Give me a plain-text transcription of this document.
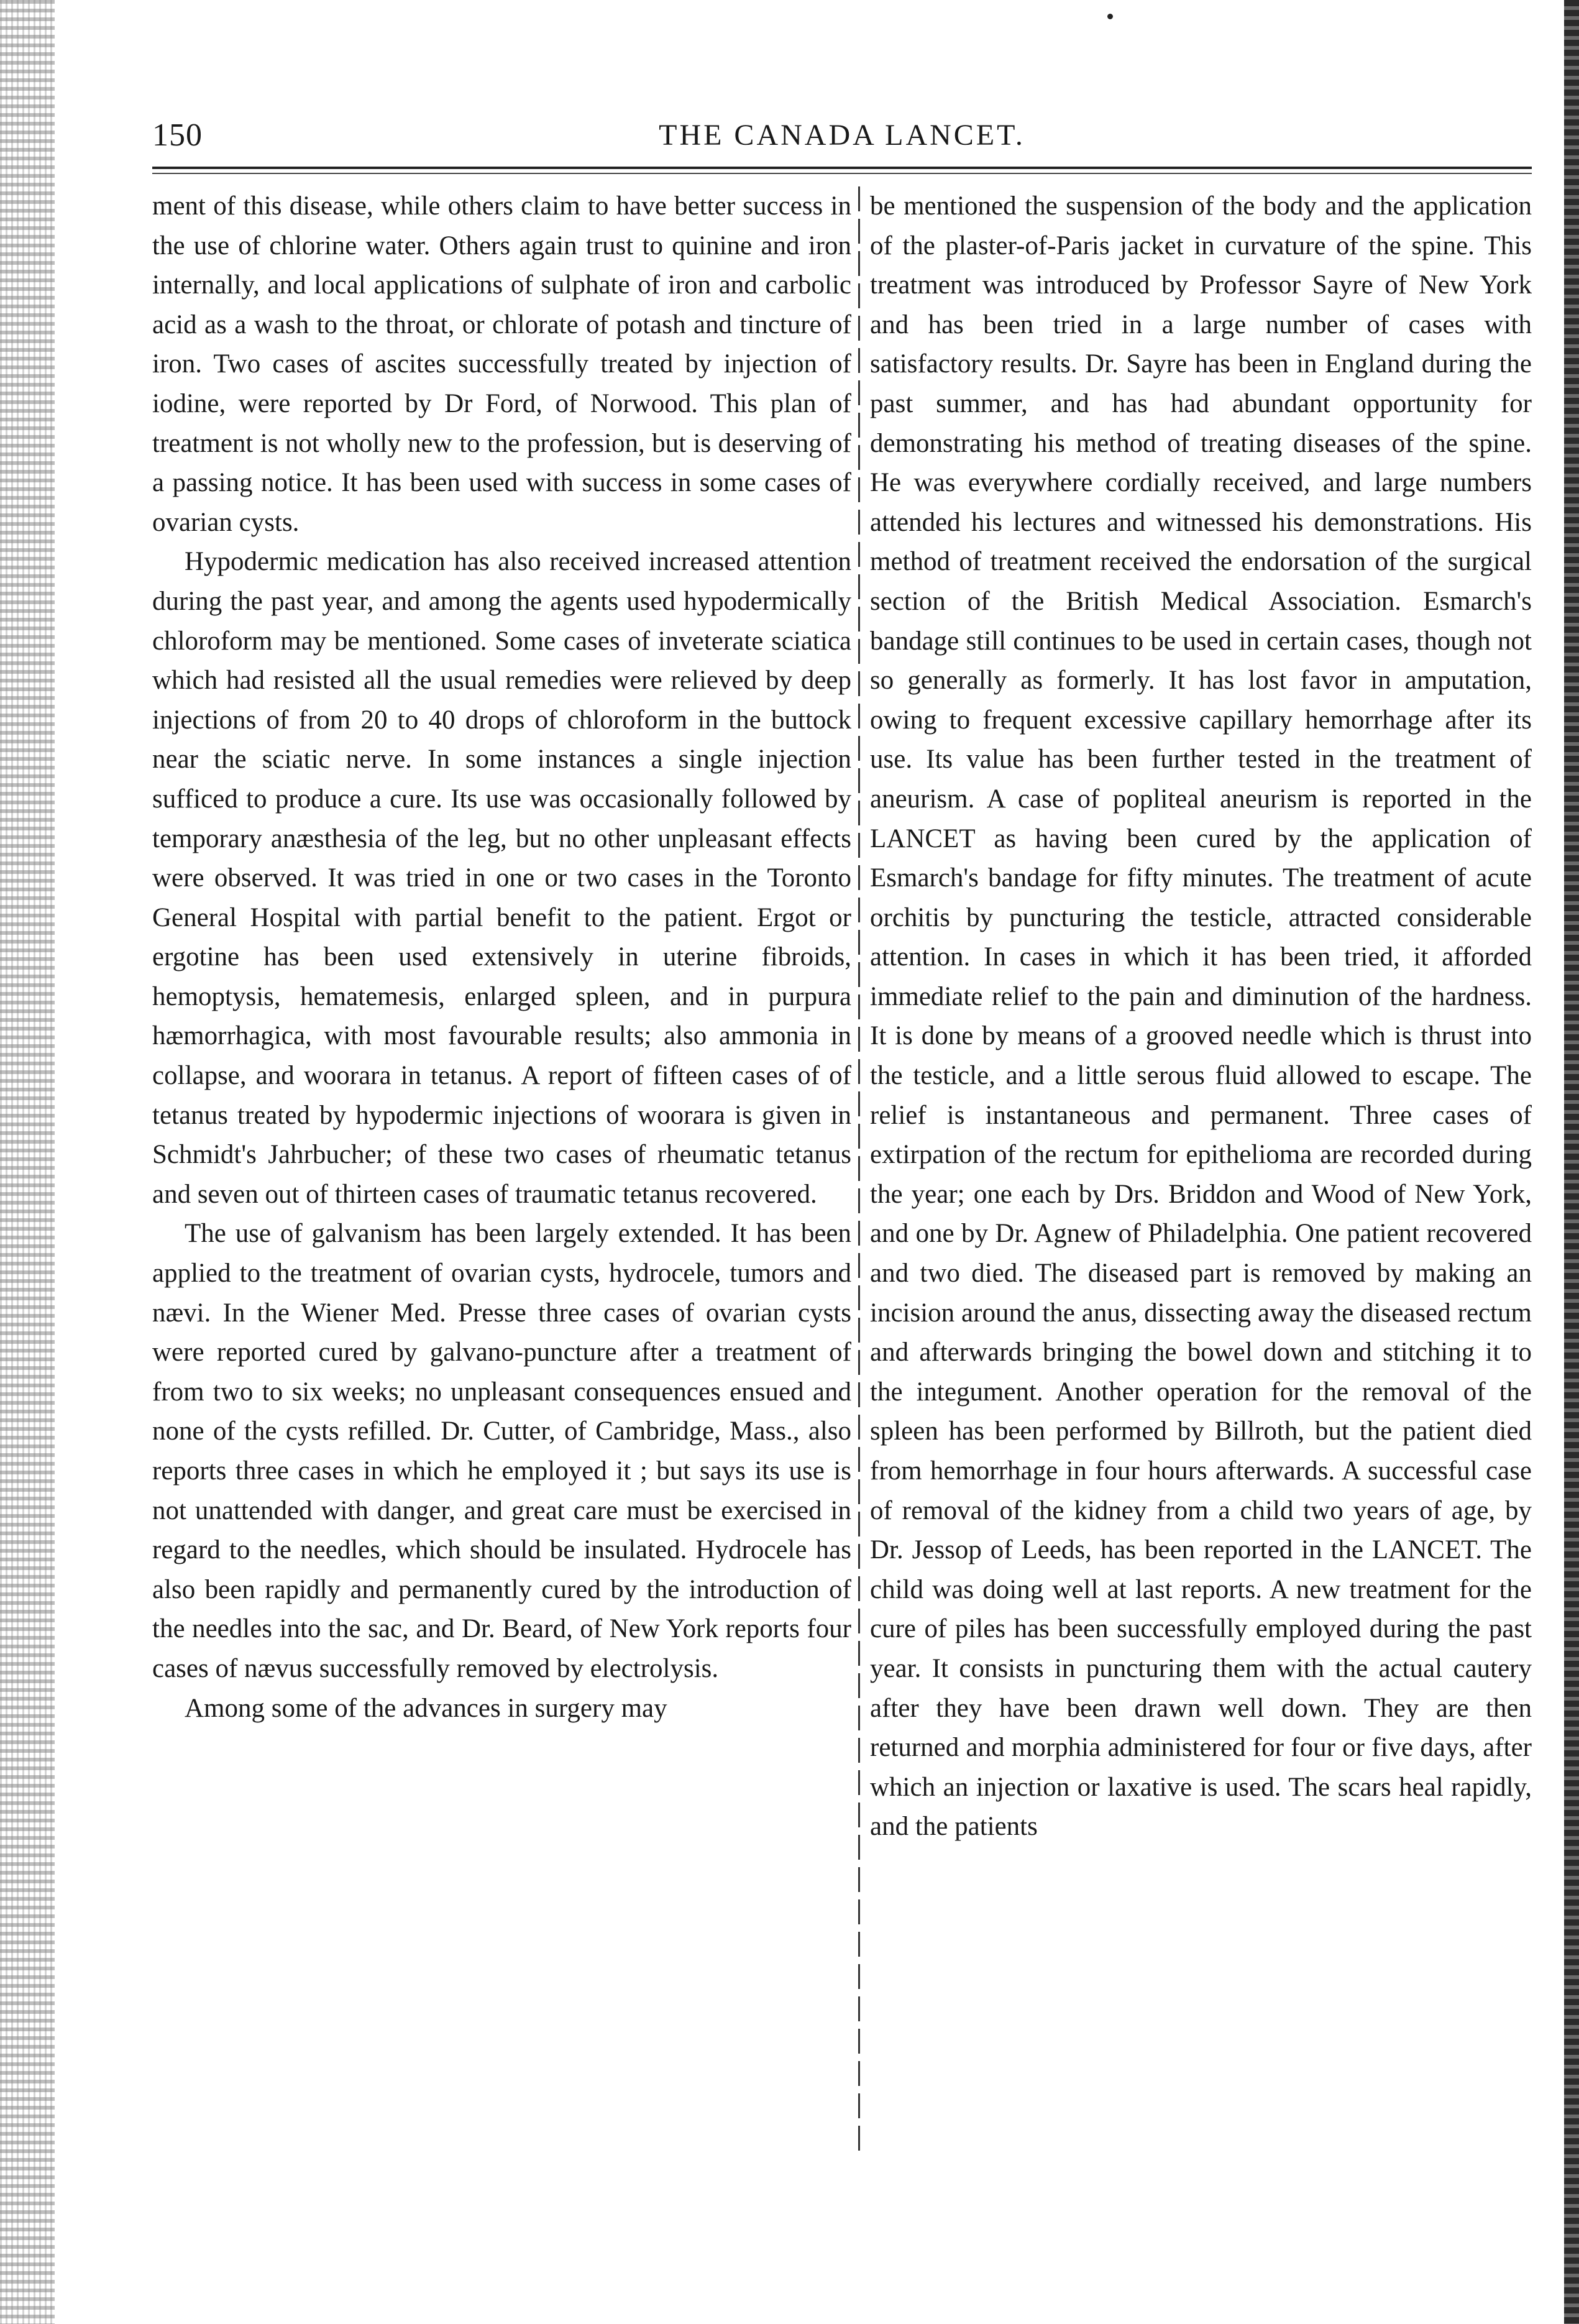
150	THE CANADA LANCET.

ment of this disease, while others claim to have better success in the use of chlorine water. Others again trust to quinine and iron internally, and local applications of sulphate of iron and carbolic acid as a wash to the throat, or chlorate of potash and tincture of iron. Two cases of ascites successfully treated by injection of iodine, were reported by Dr Ford, of Norwood. This plan of treatment is not wholly new to the profession, but is deserving of a passing notice. It has been used with success in some cases of ovarian cysts.

Hypodermic medication has also received increased attention during the past year, and among the agents used hypodermically chloroform may be mentioned. Some cases of inveterate sciatica which had resisted all the usual remedies were relieved by deep injections of from 20 to 40 drops of chloroform in the buttock near the sciatic nerve. In some instances a single injection sufficed to produce a cure. Its use was occasionally followed by temporary anæsthesia of the leg, but no other unpleasant effects were observed. It was tried in one or two cases in the Toronto General Hospital with partial benefit to the patient. Ergot or ergotine has been used extensively in uterine fibroids, hemoptysis, hematemesis, enlarged spleen, and in purpura hæmorrhagica, with most favourable results; also ammonia in collapse, and woorara in tetanus. A report of fifteen cases of of tetanus treated by hypodermic injections of woorara is given in Schmidt's Jahrbucher; of these two cases of rheumatic tetanus and seven out of thirteen cases of traumatic tetanus recovered.

The use of galvanism has been largely extended. It has been applied to the treatment of ovarian cysts, hydrocele, tumors and nævi. In the Wiener Med. Presse three cases of ovarian cysts were reported cured by galvano-puncture after a treatment of from two to six weeks; no unpleasant consequences ensued and none of the cysts refilled. Dr. Cutter, of Cambridge, Mass., also reports three cases in which he employed it ; but says its use is not unattended with danger, and great care must be exercised in regard to the needles, which should be insulated. Hydrocele has also been rapidly and permanently cured by the introduction of the needles into the sac, and Dr. Beard, of New York reports four cases of nævus successfully removed by electrolysis.

Among some of the advances in surgery may

be mentioned the suspension of the body and the application of the plaster-of-Paris jacket in curvature of the spine. This treatment was introduced by Professor Sayre of New York and has been tried in a large number of cases with satisfactory results. Dr. Sayre has been in England during the past summer, and has had abundant opportunity for demonstrating his method of treating diseases of the spine. He was everywhere cordially received, and large numbers attended his lectures and witnessed his demonstrations. His method of treatment received the endorsation of the surgical section of the British Medical Association. Esmarch's bandage still continues to be used in certain cases, though not so generally as formerly. It has lost favor in amputation, owing to frequent excessive capillary hemorrhage after its use. Its value has been further tested in the treatment of aneurism. A case of popliteal aneurism is reported in the LANCET as having been cured by the application of Esmarch's bandage for fifty minutes. The treatment of acute orchitis by puncturing the testicle, attracted considerable attention. In cases in which it has been tried, it afforded immediate relief to the pain and diminution of the hardness. It is done by means of a grooved needle which is thrust into the testicle, and a little serous fluid allowed to escape. The relief is instantaneous and permanent. Three cases of extirpation of the rectum for epithelioma are recorded during the year; one each by Drs. Briddon and Wood of New York, and one by Dr. Agnew of Philadelphia. One patient recovered and two died. The diseased part is removed by making an incision around the anus, dissecting away the diseased rectum and afterwards bringing the bowel down and stitching it to the integument. Another operation for the removal of the spleen has been performed by Billroth, but the patient died from hemorrhage in four hours afterwards. A successful case of removal of the kidney from a child two years of age, by Dr. Jessop of Leeds, has been reported in the LANCET. The child was doing well at last reports. A new treatment for the cure of piles has been successfully employed during the past year. It consists in puncturing them with the actual cautery after they have been drawn well down. They are then returned and morphia administered for four or five days, after which an injection or laxative is used. The scars heal rapidly, and the patients
